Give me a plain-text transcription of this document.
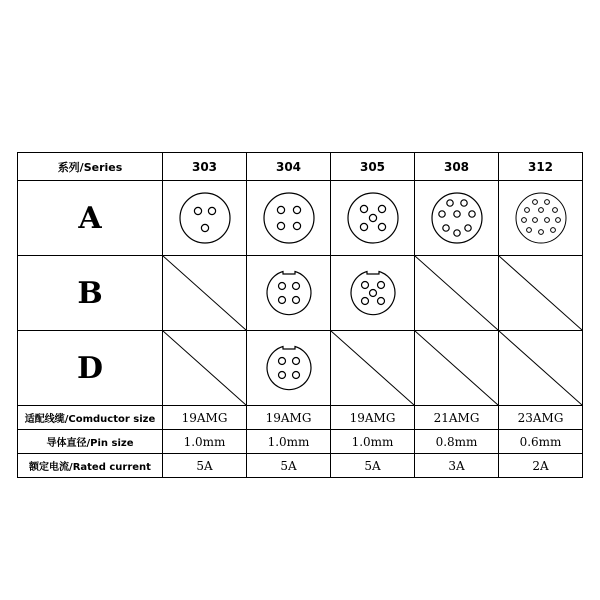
系列/Series	303	304	305	308	312
A	

B	

D	

适配线缆/Comductor size	19AMG	19AMG	19AMG	21AMG	23AMG
导体直径/Pin size	1.0mm	1.0mm	1.0mm	0.8mm	0.6mm
额定电流/Rated current	5A	5A	5A	3A	2A
